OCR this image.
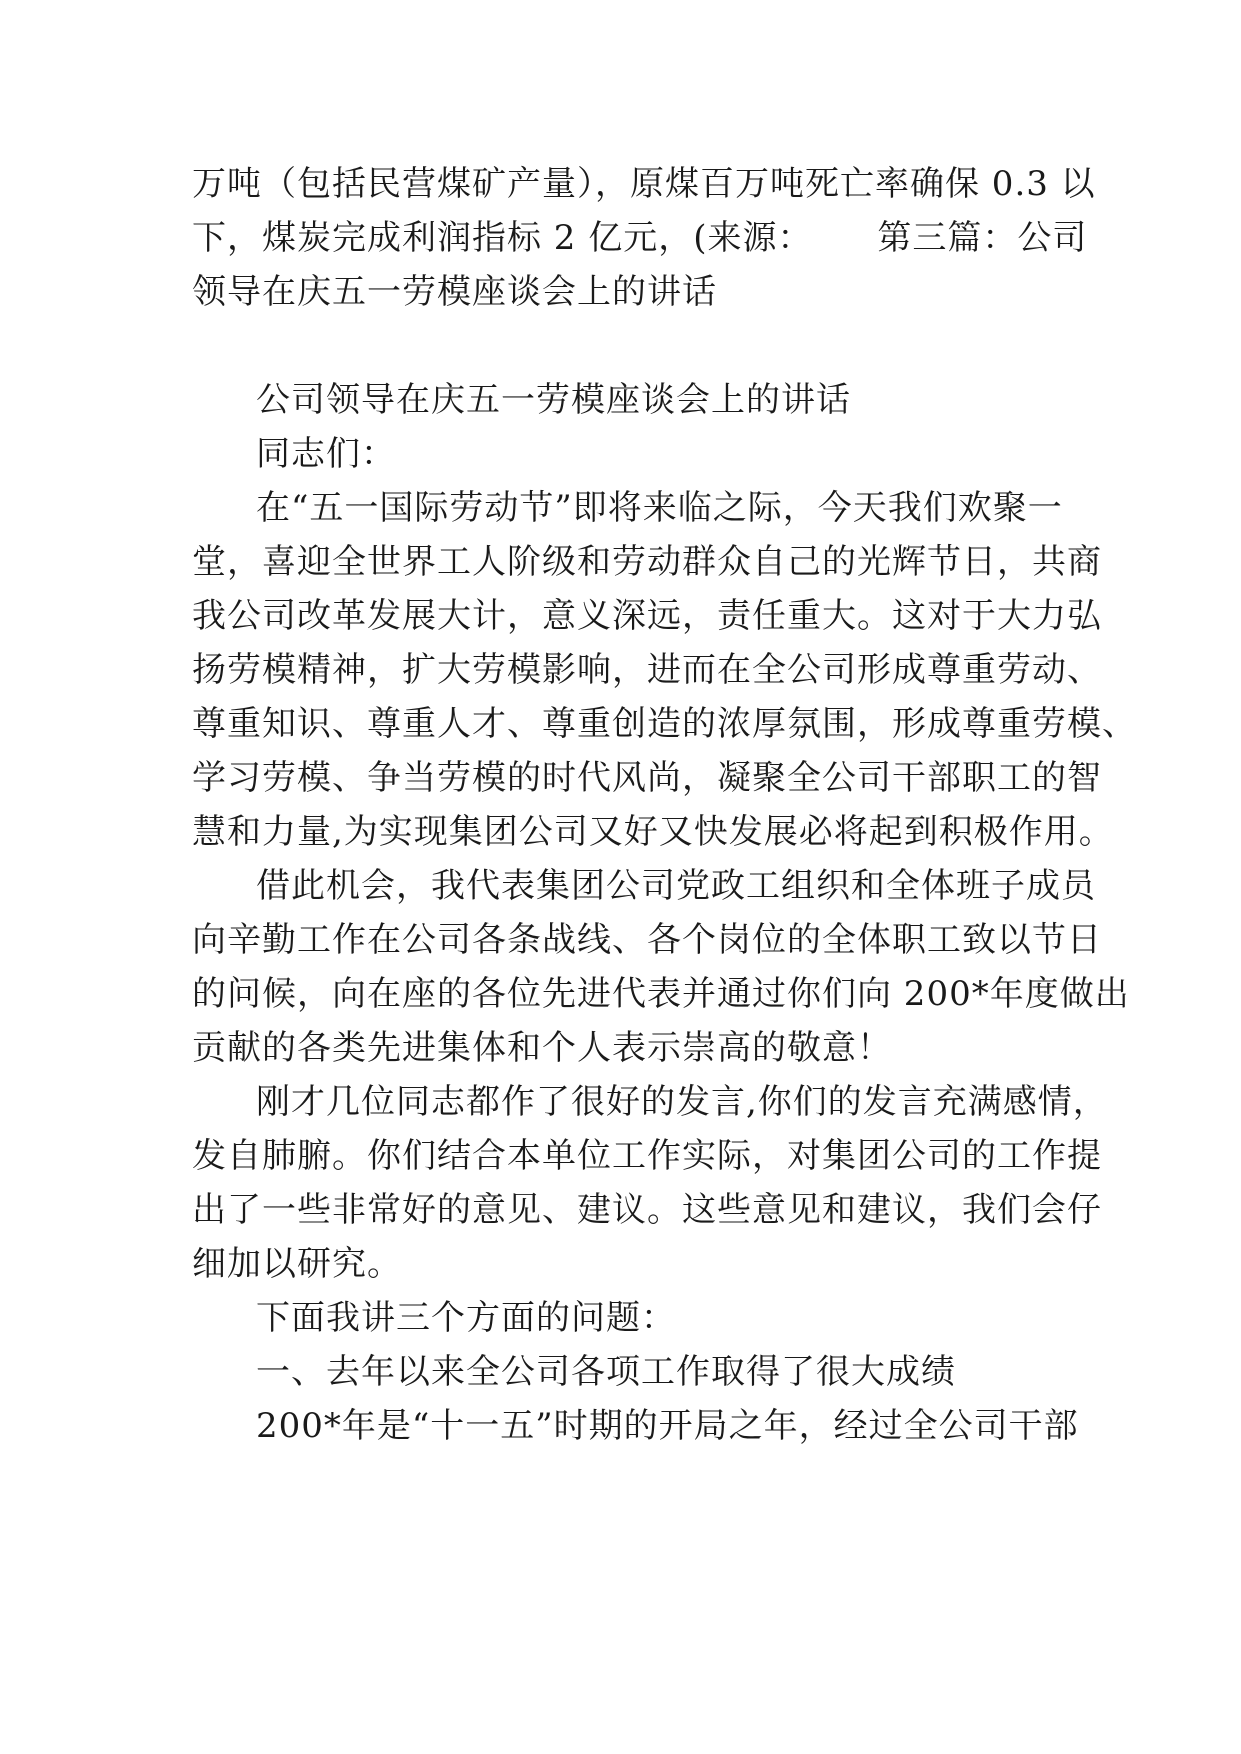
万吨（包括民营煤矿产量），原煤百万吨死亡率确保 0.3 以
下，煤炭完成利润指标 2 亿元，(来源：　　 第三篇：公司
领导在庆五一劳模座谈会上的讲话
公司领导在庆五一劳模座谈会上的讲话
同志们：
在“五一国际劳动节”即将来临之际，今天我们欢聚一
堂，喜迎全世界工人阶级和劳动群众自己的光辉节日，共商
我公司改革发展大计，意义深远，责任重大。这对于大力弘
扬劳模精神，扩大劳模影响，进而在全公司形成尊重劳动、
尊重知识、尊重人才、尊重创造的浓厚氛围，形成尊重劳模、
学习劳模、争当劳模的时代风尚，凝聚全公司干部职工的智
慧和力量,为实现集团公司又好又快发展必将起到积极作用。
借此机会，我代表集团公司党政工组织和全体班子成员
向辛勤工作在公司各条战线、各个岗位的全体职工致以节日
的问候，向在座的各位先进代表并通过你们向 200*年度做出
贡献的各类先进集体和个人表示崇高的敬意！
刚才几位同志都作了很好的发言,你们的发言充满感情，
发自肺腑。你们结合本单位工作实际，对集团公司的工作提
出了一些非常好的意见、建议。这些意见和建议，我们会仔
细加以研究。
下面我讲三个方面的问题：
一、去年以来全公司各项工作取得了很大成绩
200*年是“十一五”时期的开局之年，经过全公司干部
